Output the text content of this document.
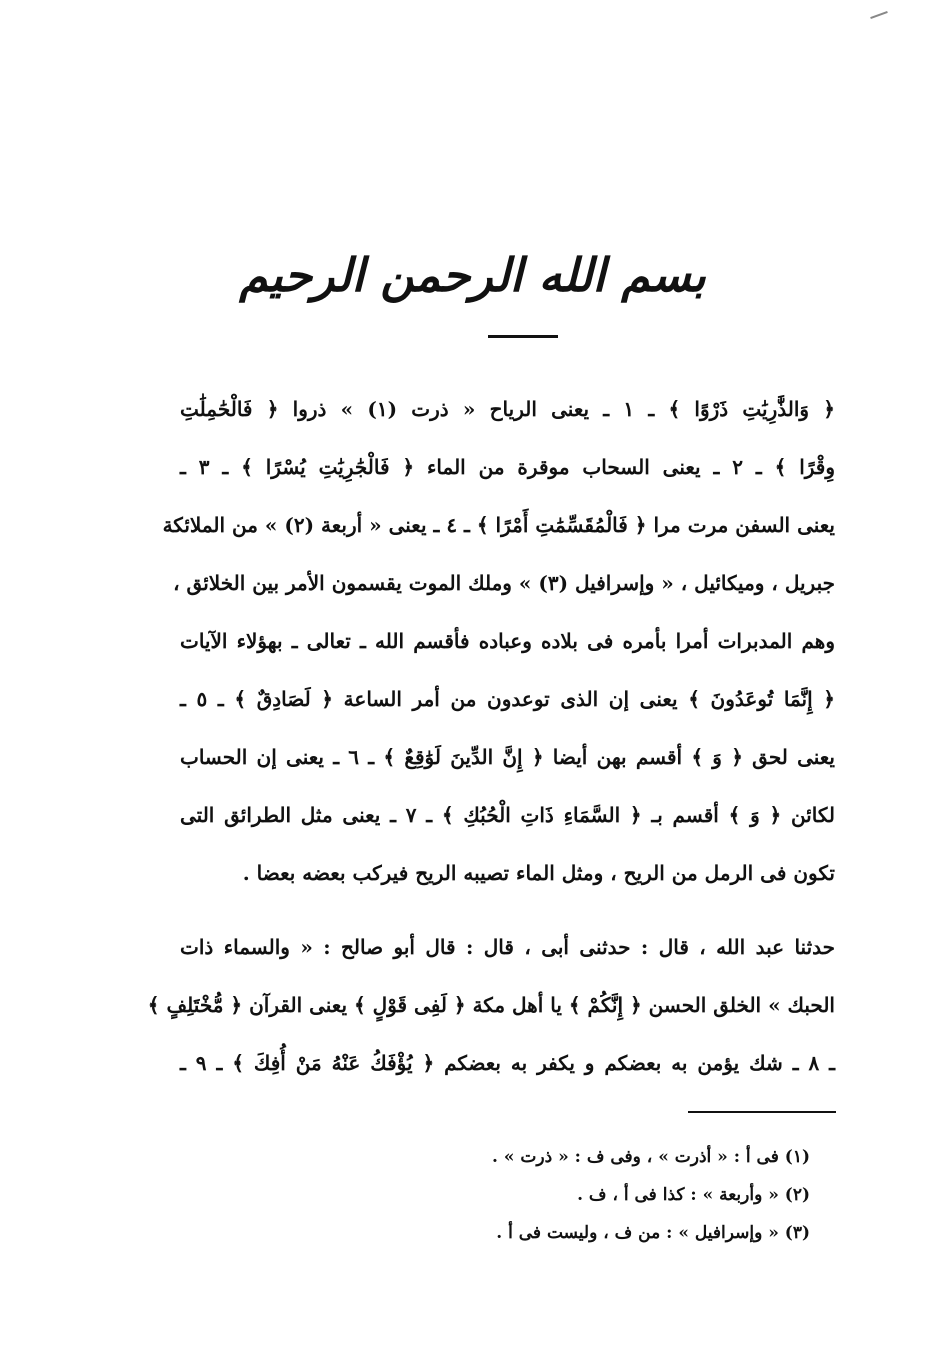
بسم الله الرحمن الرحيم
﴿ وَالذَّٰرِيَٰتِ ذَرْوًا ﴾ ـ ١ ـ يعنى الرياح « ذرت (١) » ذروا ﴿ فَالْحَٰمِلَٰتِ
وِقْرًا ﴾ ـ ٢ ـ يعنى السحاب موقرة من الماء ﴿ فَالْجَٰرِيَٰتِ يُسْرًا ﴾ ـ ٣ ـ
يعنى السفن مرت مرا ﴿ فَالْمُقَسِّمَٰتِ أَمْرًا ﴾ ـ ٤ ـ يعنى « أربعة (٢) » من الملائكة
جبريل ، وميكائيل ، « وإسرافيل (٣) » وملك الموت يقسمون الأمر بين الخلائق ،
وهم المدبرات أمرا بأمره فى بلاده وعباده فأقسم الله ـ تعالى ـ بهؤلاء الآيات
﴿ إِنَّمَا تُوعَدُونَ ﴾ يعنى إن الذى توعدون من أمر الساعة ﴿ لَصَادِقٌ ﴾ ـ ٥ ـ
يعنى لحق ﴿ وَ ﴾ أقسم بهن أيضا ﴿ إِنَّ الدِّينَ لَوَٰقِعٌ ﴾ ـ ٦ ـ يعنى إن الحساب
لكائن ﴿ وَ ﴾ أقسم بـ ﴿ السَّمَاءِ ذَاتِ الْحُبُكِ ﴾ ـ ٧ ـ يعنى مثل الطرائق التى
تكون فى الرمل من الريح ، ومثل الماء تصيبه الريح فيركب بعضه بعضا .
حدثنا عبد الله ، قال : حدثنى أبى ، قال : قال أبو صالح : « والسماء ذات
الحبك » الخلق الحسن ﴿ إِنَّكُمْ ﴾ يا أهل مكة ﴿ لَفِى قَوْلٍ ﴾ يعنى القرآن ﴿ مُّخْتَلِفٍ ﴾
ـ ٨ ـ شك يؤمن به بعضكم و يكفر به بعضكم ﴿ يُؤْفَكُ عَنْهُ مَنْ أُفِكَ ﴾ ـ ٩ ـ
(١) فى أ : « أذرت » ، وفى ف : « ذرت » .
(٢) « وأربعة » : كذا فى أ ، ف .
(٣) « وإسرافيل » : من ف ، وليست فى أ .
